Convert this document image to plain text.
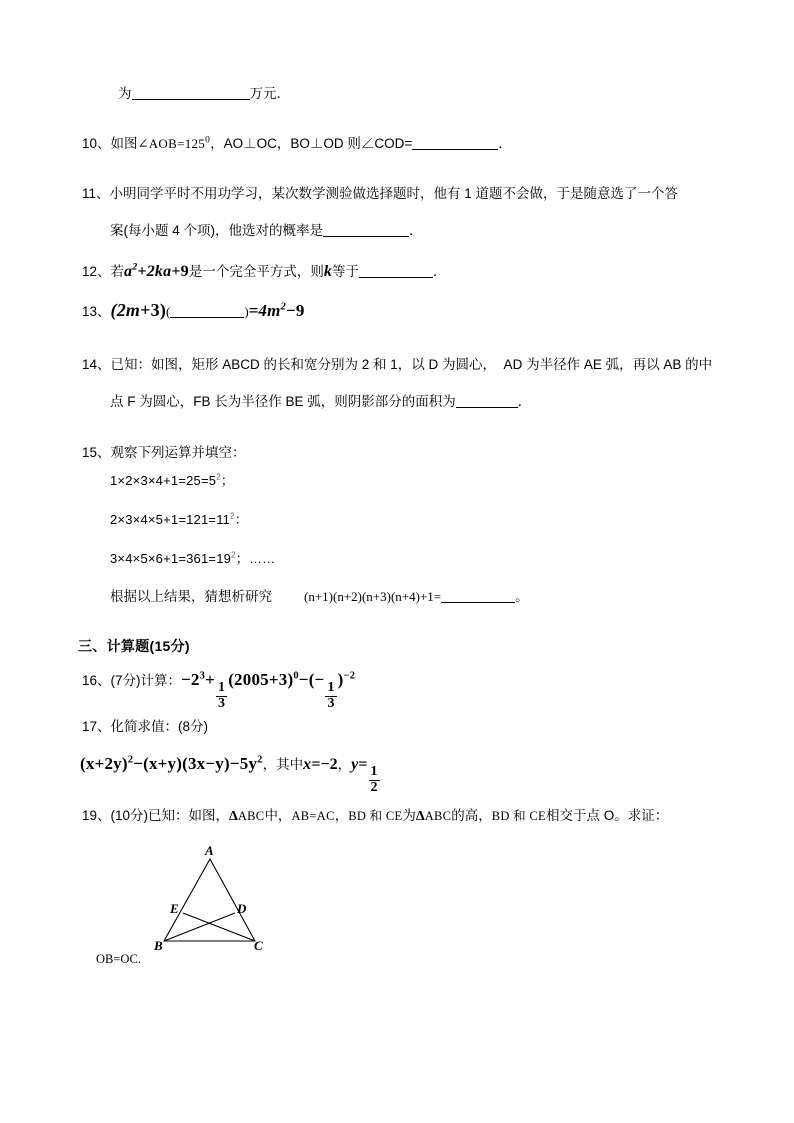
为	万元．
10、如图$\angle AOB=125^0$，AO⊥OC，BO⊥OD 则∠COD=	．
11、小明同学平时不用功学习，某次数学测验做选择题时，他有 1 道题不会做，于是随意选了一个答
案(每小题 4 个项)，他选对的概率是	．
12、若$a^2+2ka+9$是一个完全平方式，则k等于	．
13、(2m+3)(	)$=4m^2-9$
14、已知：如图，矩形 ABCD 的长和宽分别为 2 和 1，以 D 为圆心，  AD 为半径作 AE 弧，再以 AB 的中
点 F 为圆心，FB 长为半径作 BE 弧，则阴影部分的面积为	．
15、观察下列运算并填空：
$1\times 2\times 3\times 4+1=25=5^2$；
$2\times 3\times 4\times 5+1=121=11^2$：
$3\times 4\times 5\times 6+1=361=19^2$；……
根据以上结果，猜想析研究 (n+1)(n+2)(n+3)(n+4)+1=	。
三、计算题(15分)
16、(7分)计算：$-2^3+$
$\frac{1}{3}$
$(2005+3)^0-(-$
$\frac{1}{3}$
)$^{-2}$
17、化简求值：(8分)
$(x+2y)^2-(x+y)(3x-y)-5y^2$，其中x=−2，y=
$\frac{1}{2}$
19、(10分)已知：如图，ΔABC中，AB=AC，BD 和 CE为ΔABC的高，BD 和 CE相交于点 O。求证：
A
B	C
D
E
OB=OC.
